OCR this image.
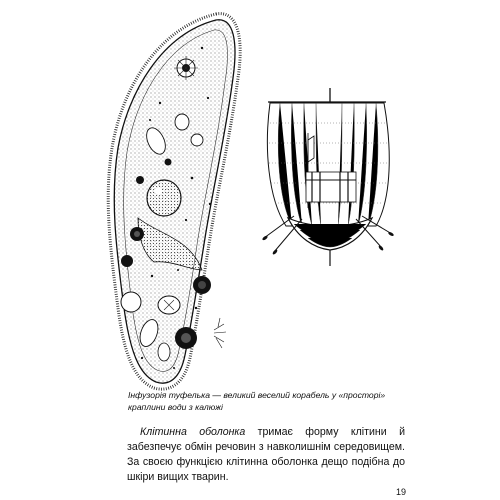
Інфузорія туфелька — великий веселий корабель у «просторі» краплини води з калюжі

Клітинна оболонка тримає форму клітини й забезпечує обмін речовин з навколишнім середовищем. За своєю функцією клітинна оболонка дещо подібна до шкіри вищих тварин.

19
